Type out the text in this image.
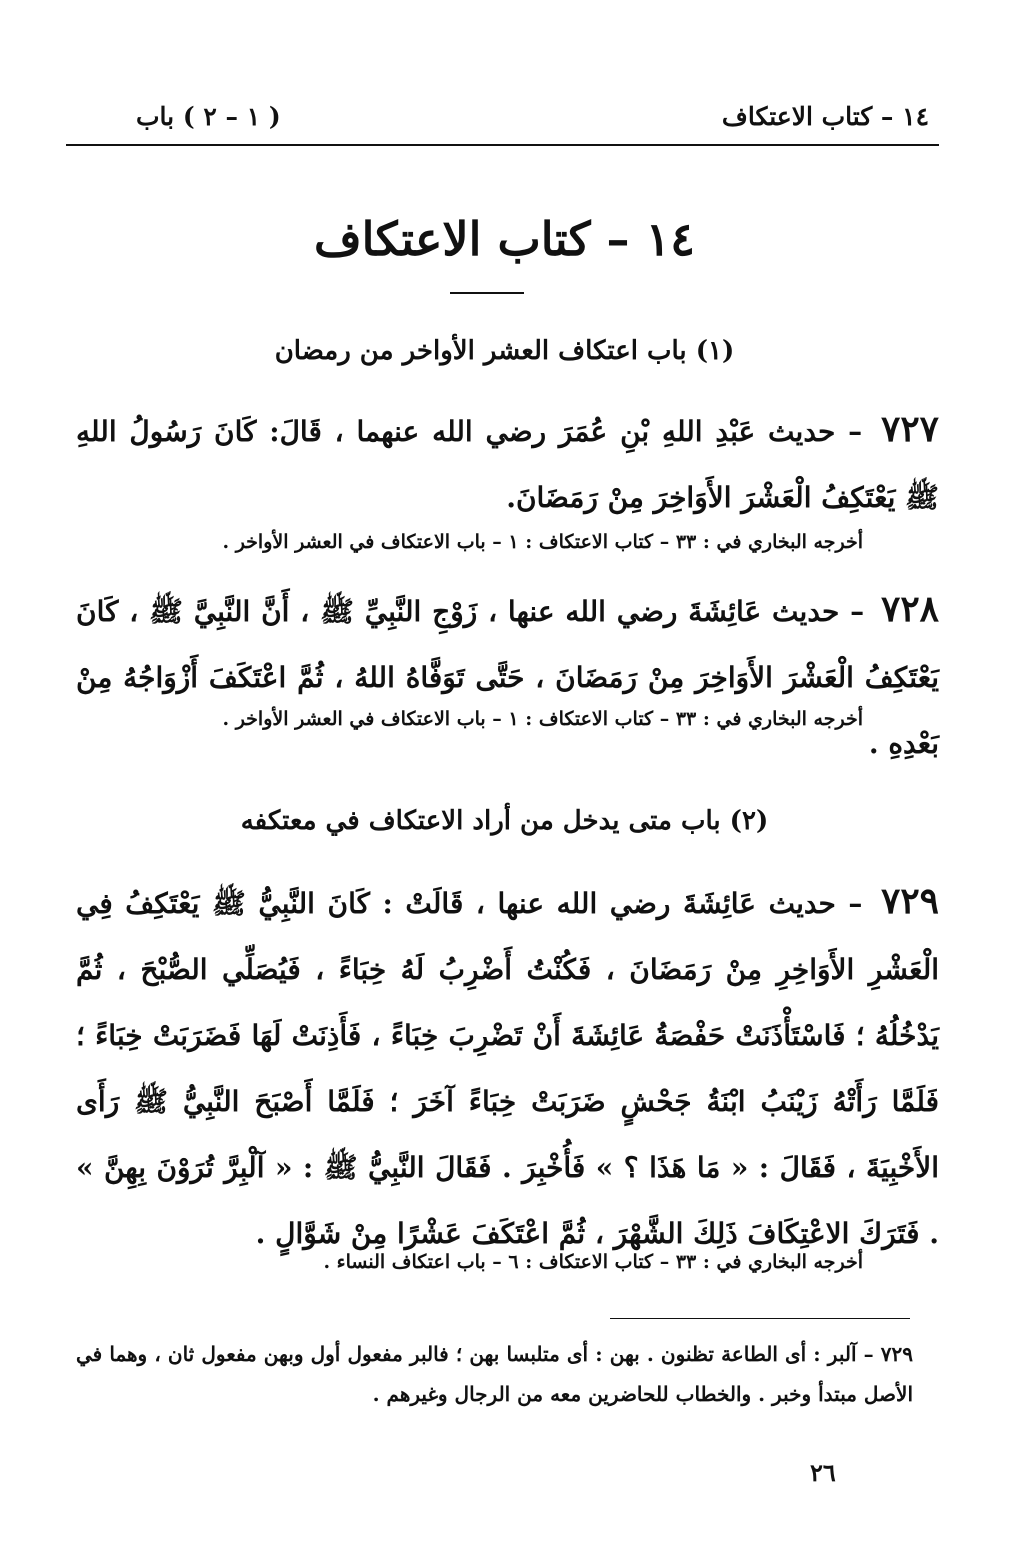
١٤ – كتاب الاعتكاف
( ١ – ٢ ) باب
١٤ – كتاب الاعتكاف
(١) باب اعتكاف العشر الأواخر من رمضان
٧٢٧ – حديث عَبْدِ اللهِ بْنِ عُمَرَ رضي الله عنهما ، قَالَ: كَانَ رَسُولُ اللهِ ﷺ يَعْتَكِفُ الْعَشْرَ الأَوَاخِرَ مِنْ رَمَضَانَ.
أخرجه البخاري في : ٣٣ – كتاب الاعتكاف : ١ – باب الاعتكاف في العشر الأواخر .
٧٢٨ – حديث عَائِشَةَ رضي الله عنها ، زَوْجِ النَّبِيِّ ﷺ ، أَنَّ النَّبِيَّ ﷺ ، كَانَ يَعْتَكِفُ الْعَشْرَ الأَوَاخِرَ مِنْ رَمَضَانَ ، حَتَّى تَوَفَّاهُ اللهُ ، ثُمَّ اعْتَكَفَ أَزْوَاجُهُ مِنْ بَعْدِهِ .
أخرجه البخاري في : ٣٣ – كتاب الاعتكاف : ١ – باب الاعتكاف في العشر الأواخر .
(٢) باب متى يدخل من أراد الاعتكاف في معتكفه
٧٢٩ – حديث عَائِشَةَ رضي الله عنها ، قَالَتْ : كَانَ النَّبِيُّ ﷺ يَعْتَكِفُ فِي الْعَشْرِ الأَوَاخِرِ مِنْ رَمَضَانَ ، فَكُنْتُ أَضْرِبُ لَهُ خِبَاءً ، فَيُصَلِّي الصُّبْحَ ، ثُمَّ يَدْخُلُهُ ؛ فَاسْتَأْذَنَتْ حَفْصَةُ عَائِشَةَ أَنْ تَضْرِبَ خِبَاءً ، فَأَذِنَتْ لَهَا فَضَرَبَتْ خِبَاءً ؛ فَلَمَّا رَأَتْهُ زَيْنَبُ ابْنَةُ جَحْشٍ ضَرَبَتْ خِبَاءً آخَرَ ؛ فَلَمَّا أَصْبَحَ النَّبِيُّ ﷺ رَأَى الأَخْبِيَةَ ، فَقَالَ : « مَا هَذَا ؟ » فَأُخْبِرَ . فَقَالَ النَّبِيُّ ﷺ : « آلْبِرَّ تُرَوْنَ بِهِنَّ » . فَتَرَكَ الاعْتِكَافَ ذَلِكَ الشَّهْرَ ، ثُمَّ اعْتَكَفَ عَشْرًا مِنْ شَوَّالٍ .
أخرجه البخاري في : ٣٣ – كتاب الاعتكاف : ٦ – باب اعتكاف النساء .
٧٢٩ – آلبر : أى الطاعة تظنون . بهن : أى متلبسا بهن ؛ فالبر مفعول أول وبهن مفعول ثان ، وهما في الأصل مبتدأ وخبر . والخطاب للحاضرين معه من الرجال وغيرهم .
٢٦
